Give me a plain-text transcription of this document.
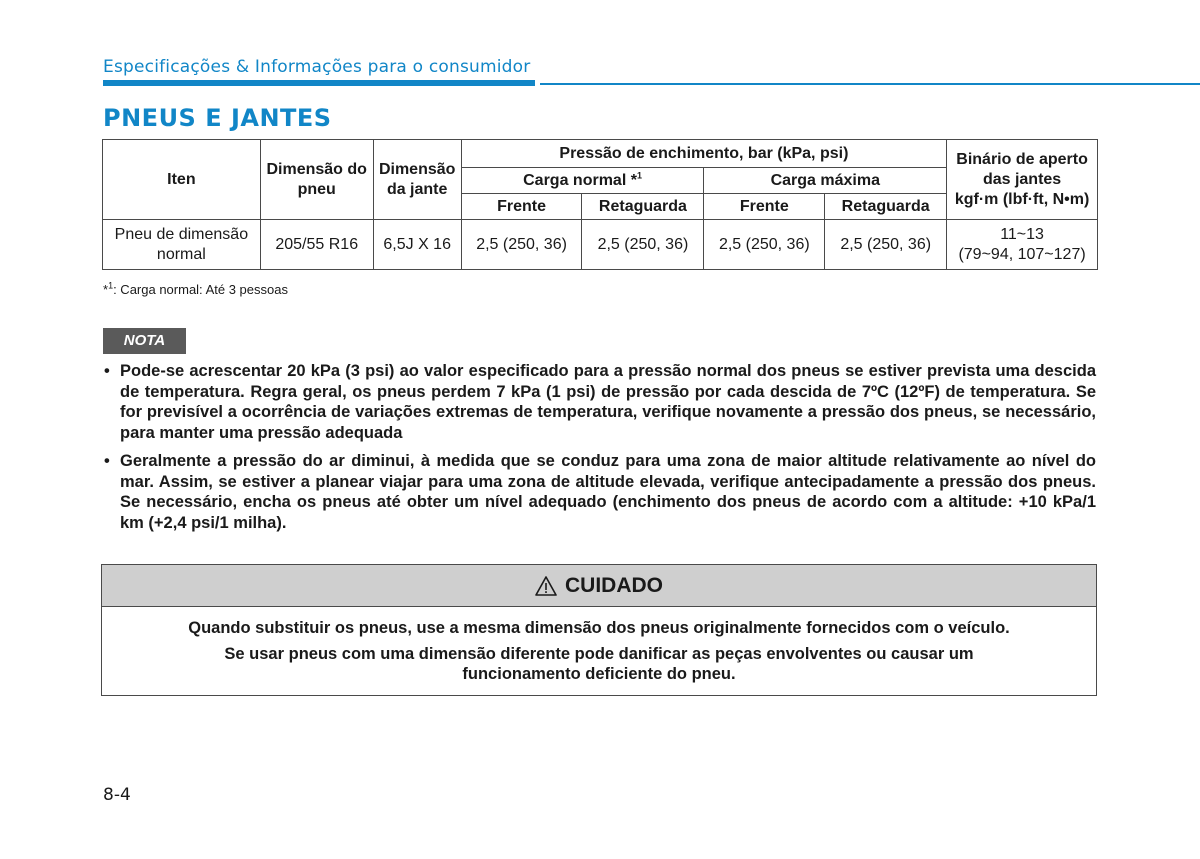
Especificações & Informações para o consumidor
PNEUS E JANTES
Iten	Dimensão do pneu	Dimensão da jante	Pressão de enchimento, bar (kPa, psi)				Binário de aperto das jantes
kgf·m (lbf·ft, N•m)
			Carga normal *$^1$		Carga máxima		
			Frente	Retaguarda	Frente	Retaguarda	
Pneu de dimensão normal	205/55 R16	6,5J X 16	2,5 (250, 36)	2,5 (250, 36)	2,5 (250, 36)	2,5 (250, 36)	11~13
(79~94, 107~127)
*$^1$: Carga normal: Até 3 pessoas
NOTA
• Pode-se acrescentar 20 kPa (3 psi) ao valor especificado para a pressão normal dos pneus se estiver prevista uma descida de temperatura. Regra geral, os pneus perdem 7 kPa (1 psi) de pressão por cada descida de 7ºC (12ºF) de temperatura. Se for previsível a ocorrência de variações extremas de temperatura, verifique novamente a pressão dos pneus, se necessário, para manter uma pressão adequada
• Geralmente a pressão do ar diminui, à medida que se conduz para uma zona de maior altitude relativamente ao nível do mar. Assim, se estiver a planear viajar para uma zona de altitude elevada, verifique antecipadamente a pressão dos pneus. Se necessário, encha os pneus até obter um nível adequado (enchimento dos pneus de acordo com a altitude: +10 kPa/1 km (+2,4 psi/1 milha).
CUIDADO

Quando substituir os pneus, use a mesma dimensão dos pneus originalmente fornecidos com o veículo.

Se usar pneus com uma dimensão diferente pode danificar as peças envolventes ou causar um funcionamento deficiente do pneu.

8-4
